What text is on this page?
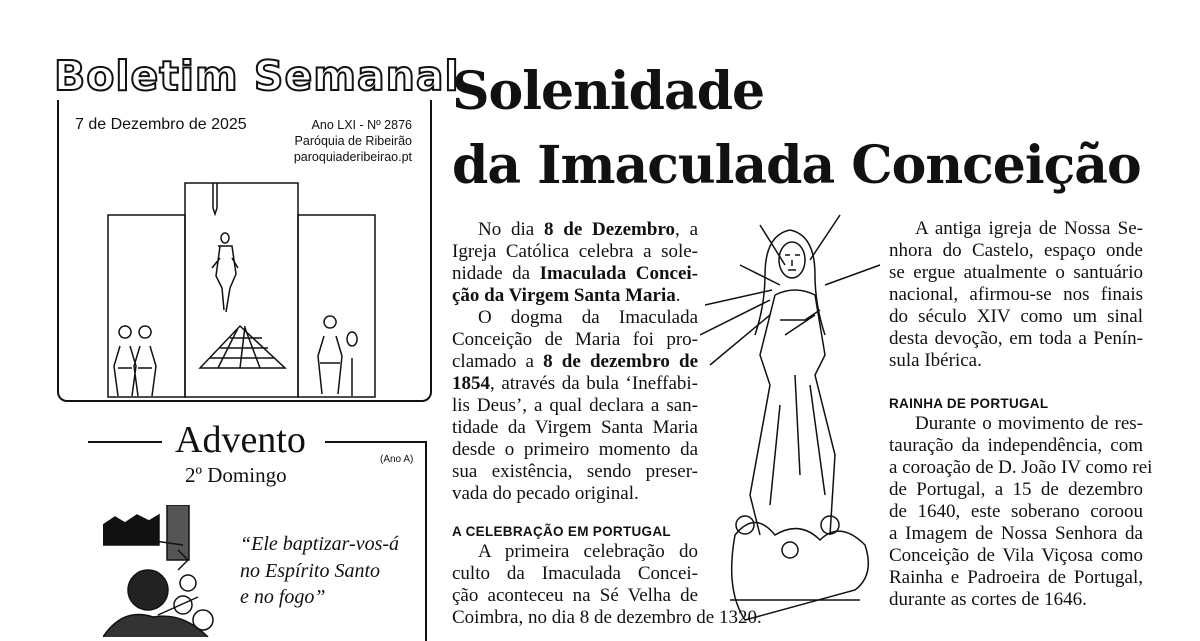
Boletim Semanal
7 de Dezembro de 2025	Ano LXI - Nº 2876
Paróquia de Ribeirão
paroquiaderibeirao.pt
Solenidade
da Imaculada Conceição
No dia 8 de Dezembro, a
Igreja Católica celebra a sole-
nidade da Imaculada Concei-
ção da Virgem Santa Maria.
O dogma da Imaculada
Conceição de Maria foi pro-
clamado a 8 de dezembro de
1854, através da bula ‘Ineffabi-
lis Deus’, a qual declara a san-
tidade da Virgem Santa Maria
desde o primeiro momento da
sua existência, sendo preser-
vada do pecado original.
A CELEBRAÇÃO EM PORTUGAL
A primeira celebração do
culto da Imaculada Concei-
ção aconteceu na Sé Velha de
Coimbra, no dia 8 de dezembro de 1320.
A antiga igreja de Nossa Se-
nhora do Castelo, espaço onde
se ergue atualmente o santuário
nacional, afirmou-se nos finais
do século XIV como um sinal
desta devoção, em toda a Penín-
sula Ibérica.
RAINHA DE PORTUGAL
Durante o movimento de res-
tauração da independência, com
a coroação de D. João IV como rei
de Portugal, a 15 de dezembro
de 1640, este soberano coroou
a Imagem de Nossa Senhora da
Conceição de Vila Viçosa como
Rainha e Padroeira de Portugal,
durante as cortes de 1646.
Advento	(Ano A)
2º Domingo
“Ele baptizar-vos-á
no Espírito Santo
e no fogo”
